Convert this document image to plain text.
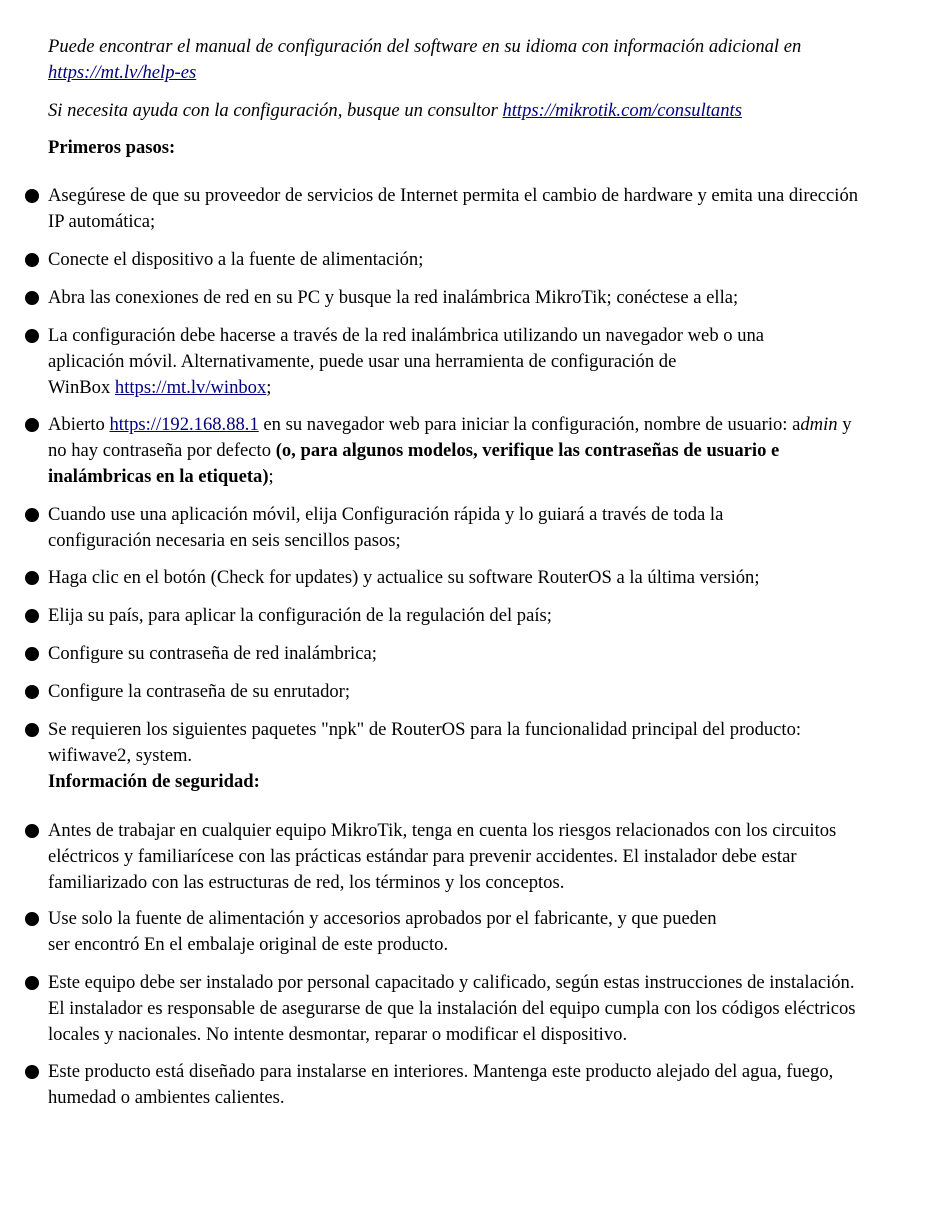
Puede encontrar el manual de configuración del software en su idioma con información adicional en https://mt.lv/help-es
Si necesita ayuda con la configuración, busque un consultor https://mikrotik.com/consultants
Primeros pasos:
Asegúrese de que su proveedor de servicios de Internet permita el cambio de hardware y emita una dirección IP automática;
Conecte el dispositivo a la fuente de alimentación;
Abra las conexiones de red en su PC y busque la red inalámbrica MikroTik; conéctese a ella;
La configuración debe hacerse a través de la red inalámbrica utilizando un navegador web o una aplicación móvil. Alternativamente, puede usar una herramienta de configuración de
WinBox https://mt.lv/winbox;
Abierto https://192.168.88.1 en su navegador web para iniciar la configuración, nombre de usuario: admin y no hay contraseña por defecto (o, para algunos modelos, verifique las contraseñas de usuario e inalámbricas en la etiqueta);
Cuando use una aplicación móvil, elija Configuración rápida y lo guiará a través de toda la configuración necesaria en seis sencillos pasos;
Haga clic en el botón (Check for updates) y actualice su software RouterOS a la última versión;
Elija su país, para aplicar la configuración de la regulación del país;
Configure su contraseña de red inalámbrica;
Configure la contraseña de su enrutador;
Se requieren los siguientes paquetes "npk" de RouterOS para la funcionalidad principal del producto: wifiwave2, system.
Información de seguridad:
Antes de trabajar en cualquier equipo MikroTik, tenga en cuenta los riesgos relacionados con los circuitos eléctricos y familiarícese con las prácticas estándar para prevenir accidentes. El instalador debe estar familiarizado con las estructuras de red, los términos y los conceptos.
Use solo la fuente de alimentación y accesorios aprobados por el fabricante, y que pueden
ser encontró En el embalaje original de este producto.
Este equipo debe ser instalado por personal capacitado y calificado, según estas instrucciones de instalación. El instalador es responsable de asegurarse de que la instalación del equipo cumpla con los códigos eléctricos locales y nacionales. No intente desmontar, reparar o modificar el dispositivo.
Este producto está diseñado para instalarse en interiores. Mantenga este producto alejado del agua, fuego, humedad o ambientes calientes.
